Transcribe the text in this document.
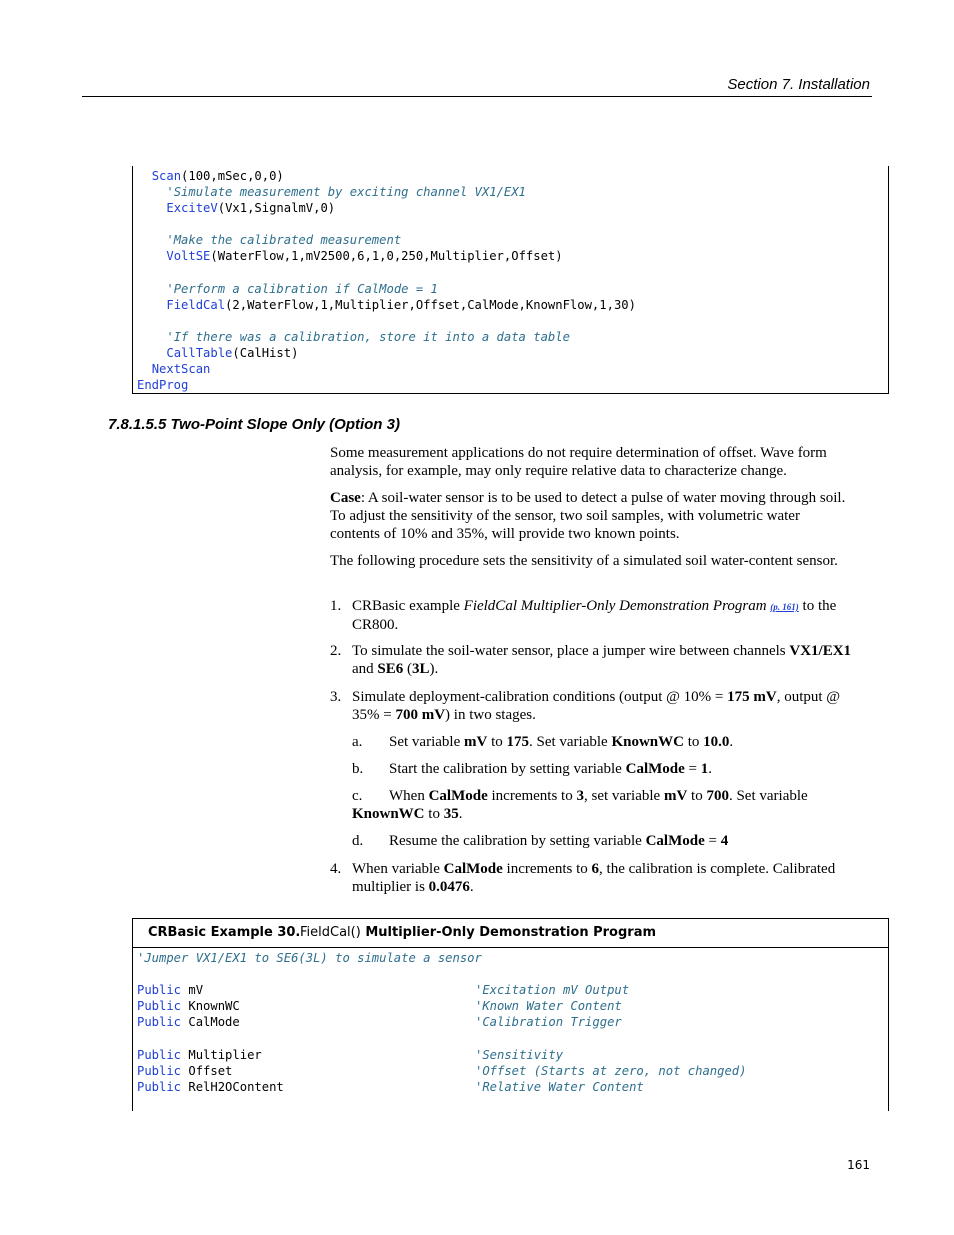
Section 7. Installation
Scan(100,mSec,0,0)
'Simulate measurement by exciting channel VX1/EX1
ExciteV(Vx1,SignalmV,0)

'Make the calibrated measurement
VoltSE(WaterFlow,1,mV2500,6,1,0,250,Multiplier,Offset)

'Perform a calibration if CalMode = 1
FieldCal(2,WaterFlow,1,Multiplier,Offset,CalMode,KnownFlow,1,30)

'If there was a calibration, store it into a data table
CallTable(CalHist)
NextScan
EndProg
7.8.1.5.5 Two-Point Slope Only (Option 3)

Some measurement applications do not require determination of offset. Wave form analysis, for example, may only require relative data to characterize change.

Case: A soil-water sensor is to be used to detect a pulse of water moving through soil. To adjust the sensitivity of the sensor, two soil samples, with volumetric water contents of 10% and 35%, will provide two known points.

The following procedure sets the sensitivity of a simulated soil water-content sensor.

1. CRBasic example FieldCal Multiplier-Only Demonstration Program (p. 161) to the CR800.
2. To simulate the soil-water sensor, place a jumper wire between channels VX1/EX1 and SE6 (3L).
3. Simulate deployment-calibration conditions (output @ 10% = 175 mV, output @ 35% = 700 mV) in two stages.
a. Set variable mV to 175. Set variable KnownWC to 10.0.
b. Start the calibration by setting variable CalMode = 1.
c.	When CalMode increments to 3, set variable mV to 700. Set variable KnownWC to 35.
d. Resume the calibration by setting variable CalMode = 4
4. When variable CalMode increments to 6, the calibration is complete. Calibrated multiplier is 0.0476.
CRBasic Example 30. FieldCal() Multiplier-Only Demonstration Program
'Jumper VX1/EX1 to SE6(3L) to simulate a sensor

Public mV
Public KnownWC
Public CalMode

Public Multiplier
Public Offset
Public RelH2OContent

'Excitation mV Output
'Known Water Content
'Calibration Trigger

'Sensitivity
'Offset (Starts at zero, not changed)
'Relative Water Content
161
